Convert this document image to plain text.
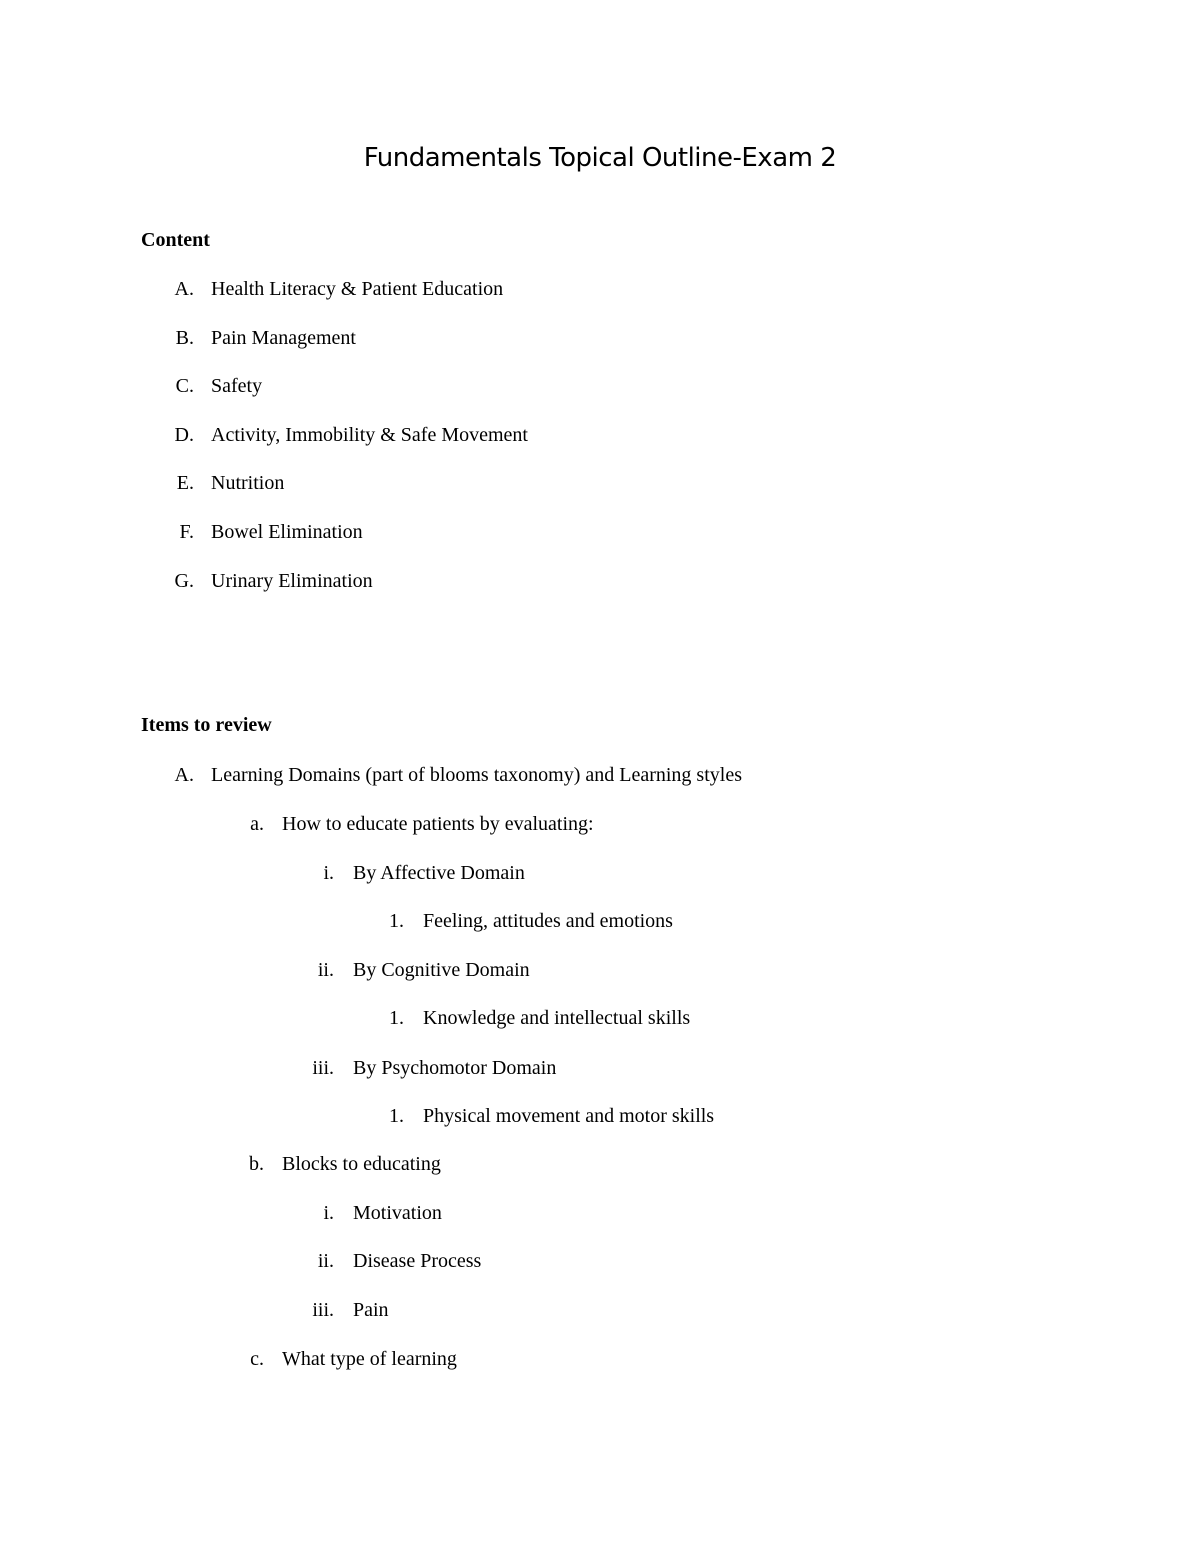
Fundamentals Topical Outline-Exam 2
Content
A. Health Literacy & Patient Education
B. Pain Management
C. Safety
D. Activity, Immobility & Safe Movement
E. Nutrition
F. Bowel Elimination
G. Urinary Elimination
Items to review
A. Learning Domains (part of blooms taxonomy) and Learning styles
a. How to educate patients by evaluating:
i. By Affective Domain
1. Feeling, attitudes and emotions
ii. By Cognitive Domain
1. Knowledge and intellectual skills
iii. By Psychomotor Domain
1. Physical movement and motor skills
b. Blocks to educating
i. Motivation
ii. Disease Process
iii. Pain
c. What type of learning
